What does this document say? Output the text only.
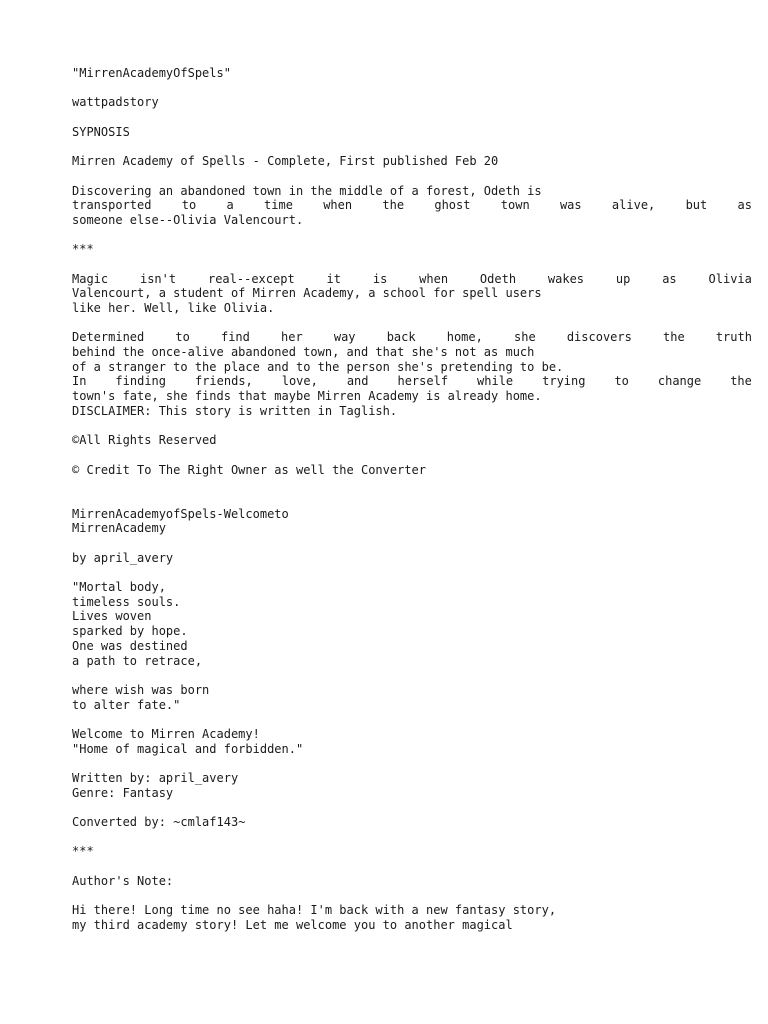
"MirrenAcademyOfSpels"
wattpadstory
SYPNOSIS
Mirren Academy of Spells - Complete, First published Feb 20
Discovering an abandoned town in the middle of a forest, Odeth is
transported	to	a	time	when	the	ghost	town	was	alive,	but	as
someone else--Olivia Valencourt.
***
Magic	isn't	real--except	it	is	when	Odeth	wakes	up	as	Olivia
Valencourt, a student of Mirren Academy, a school for spell users
like her. Well, like Olivia.
Determined	to	find	her	way	back	home,	she	discovers	the	truth
behind the once-alive abandoned town, and that she's not as much
of a stranger to the place and to the person she's pretending to be.
In finding friends, love, and herself while trying to change the
town's fate, she finds that maybe Mirren Academy is already home.
DISCLAIMER: This story is written in Taglish.
©All Rights Reserved
© Credit To The Right Owner as well the Converter
MirrenAcademyofSpels-Welcometo
MirrenAcademy
by april_avery
"Mortal body,
timeless souls.
Lives woven
sparked by hope.
One was destined
a path to retrace,
where wish was born
to alter fate."
Welcome to Mirren Academy!
"Home of magical and forbidden."
Written by: april_avery
Genre: Fantasy
Converted by: ~cmlaf143~
***
Author's Note:
Hi there! Long time no see haha! I'm back with a new fantasy story,
my third academy story! Let me welcome you to another magical
